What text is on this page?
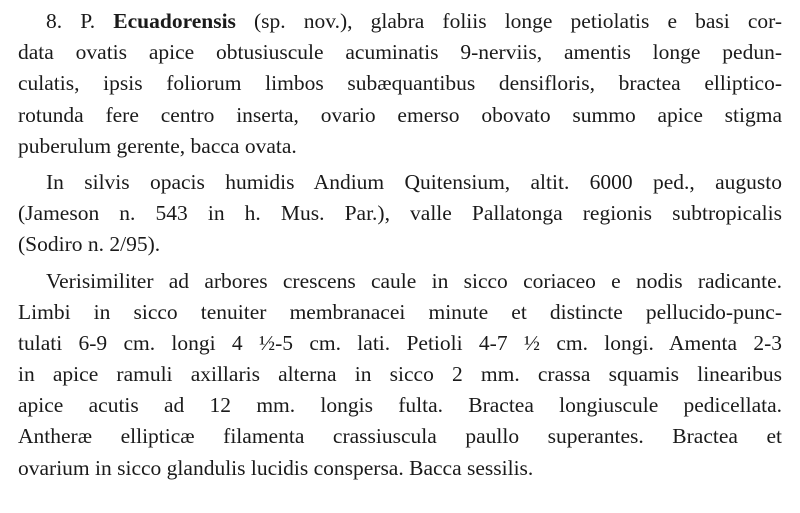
8. P. Ecuadorensis (sp. nov.), glabra foliis longe petiolatis e basi cor-
data ovatis apice obtusiuscule acuminatis 9-nerviis, amentis longe pedun-
culatis, ipsis foliorum limbos subæquantibus densifloris, bractea elliptico-
rotunda fere centro inserta, ovario emerso obovato summo apice stigma
puberulum gerente, bacca ovata.
In silvis opacis humidis Andium Quitensium, altit. 6000 ped., augusto
(Jameson n. 543 in h. Mus. Par.), valle Pallatonga regionis subtropicalis
(Sodiro n. 2/95).
Verisimiliter ad arbores crescens caule in sicco coriaceo e nodis radicante.
Limbi in sicco tenuiter membranacei minute et distincte pellucido-punc-
tulati 6-9 cm. longi 4 ½-5 cm. lati. Petioli 4-7 ½ cm. longi. Amenta 2-3
in apice ramuli axillaris alterna in sicco 2 mm. crassa squamis linearibus
apice acutis ad 12 mm. longis fulta. Bractea longiuscule pedicellata.
Antheræ ellipticæ filamenta crassiuscula paullo superantes. Bractea et
ovarium in sicco glandulis lucidis conspersa. Bacca sessilis.
